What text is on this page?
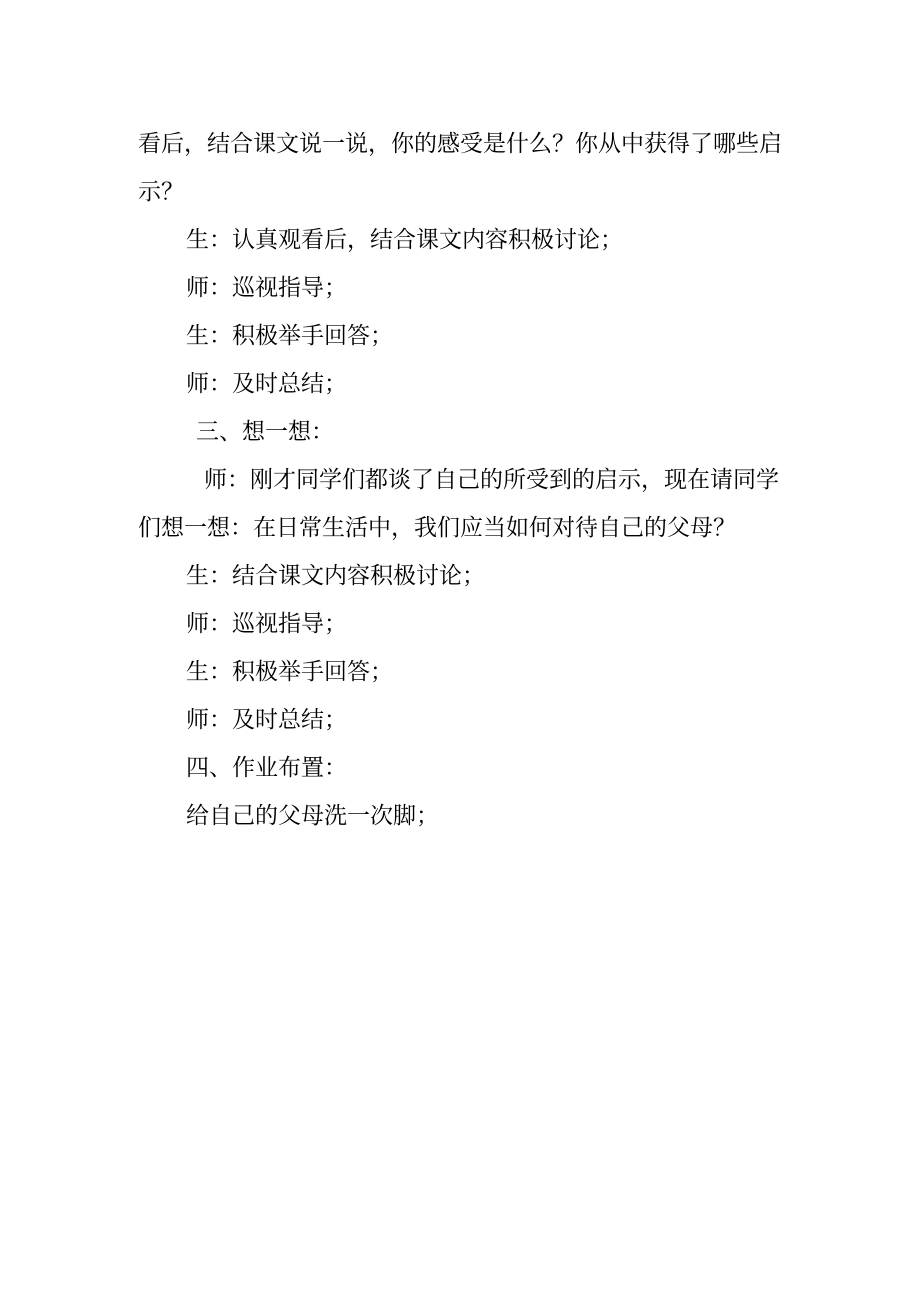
看后，结合课文说一说，你的感受是什么？你从中获得了哪些启
示？
生：认真观看后，结合课文内容积极讨论；
师：巡视指导；
生：积极举手回答；
师：及时总结；
三、想一想：
师：刚才同学们都谈了自己的所受到的启示，现在请同学
们想一想：在日常生活中，我们应当如何对待自己的父母？
生：结合课文内容积极讨论；
师：巡视指导；
生：积极举手回答；
师：及时总结；
四、作业布置：
给自己的父母洗一次脚；
